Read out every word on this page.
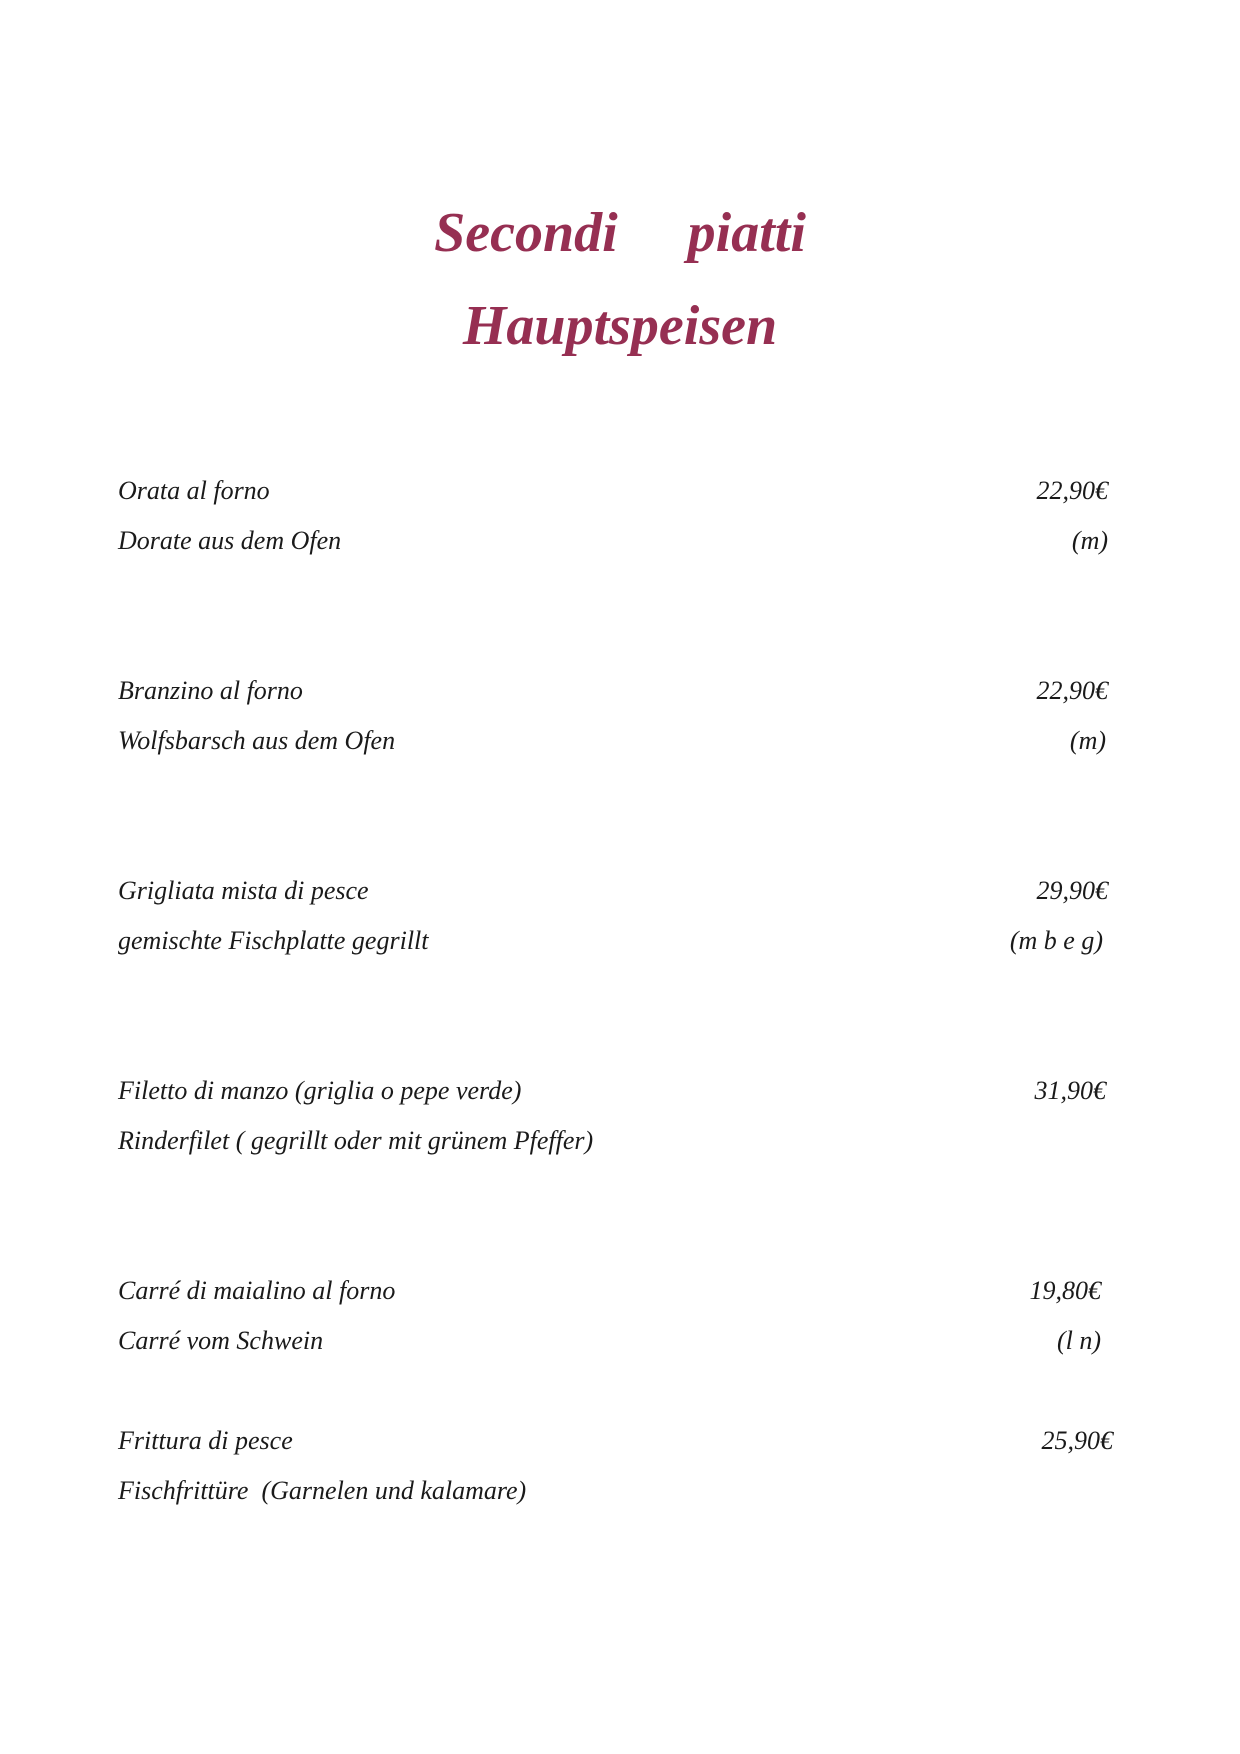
Secondi     piatti
Hauptspeisen
Orata al forno	22,90€
Dorate aus dem Ofen	(m)
Branzino al forno	22,90€
Wolfsbarsch aus dem Ofen	(m)
Grigliata mista di pesce	29,90€
gemischte Fischplatte gegrillt	(m b e g)
Filetto di manzo (griglia o pepe verde)	31,90€
Rinderfilet ( gegrillt oder mit grünem Pfeffer)
Carré di maialino al forno	19,80€
Carré vom Schwein	(l n)
Frittura di pesce	25,90€
Fischfrittüre  (Garnelen und kalamare)
